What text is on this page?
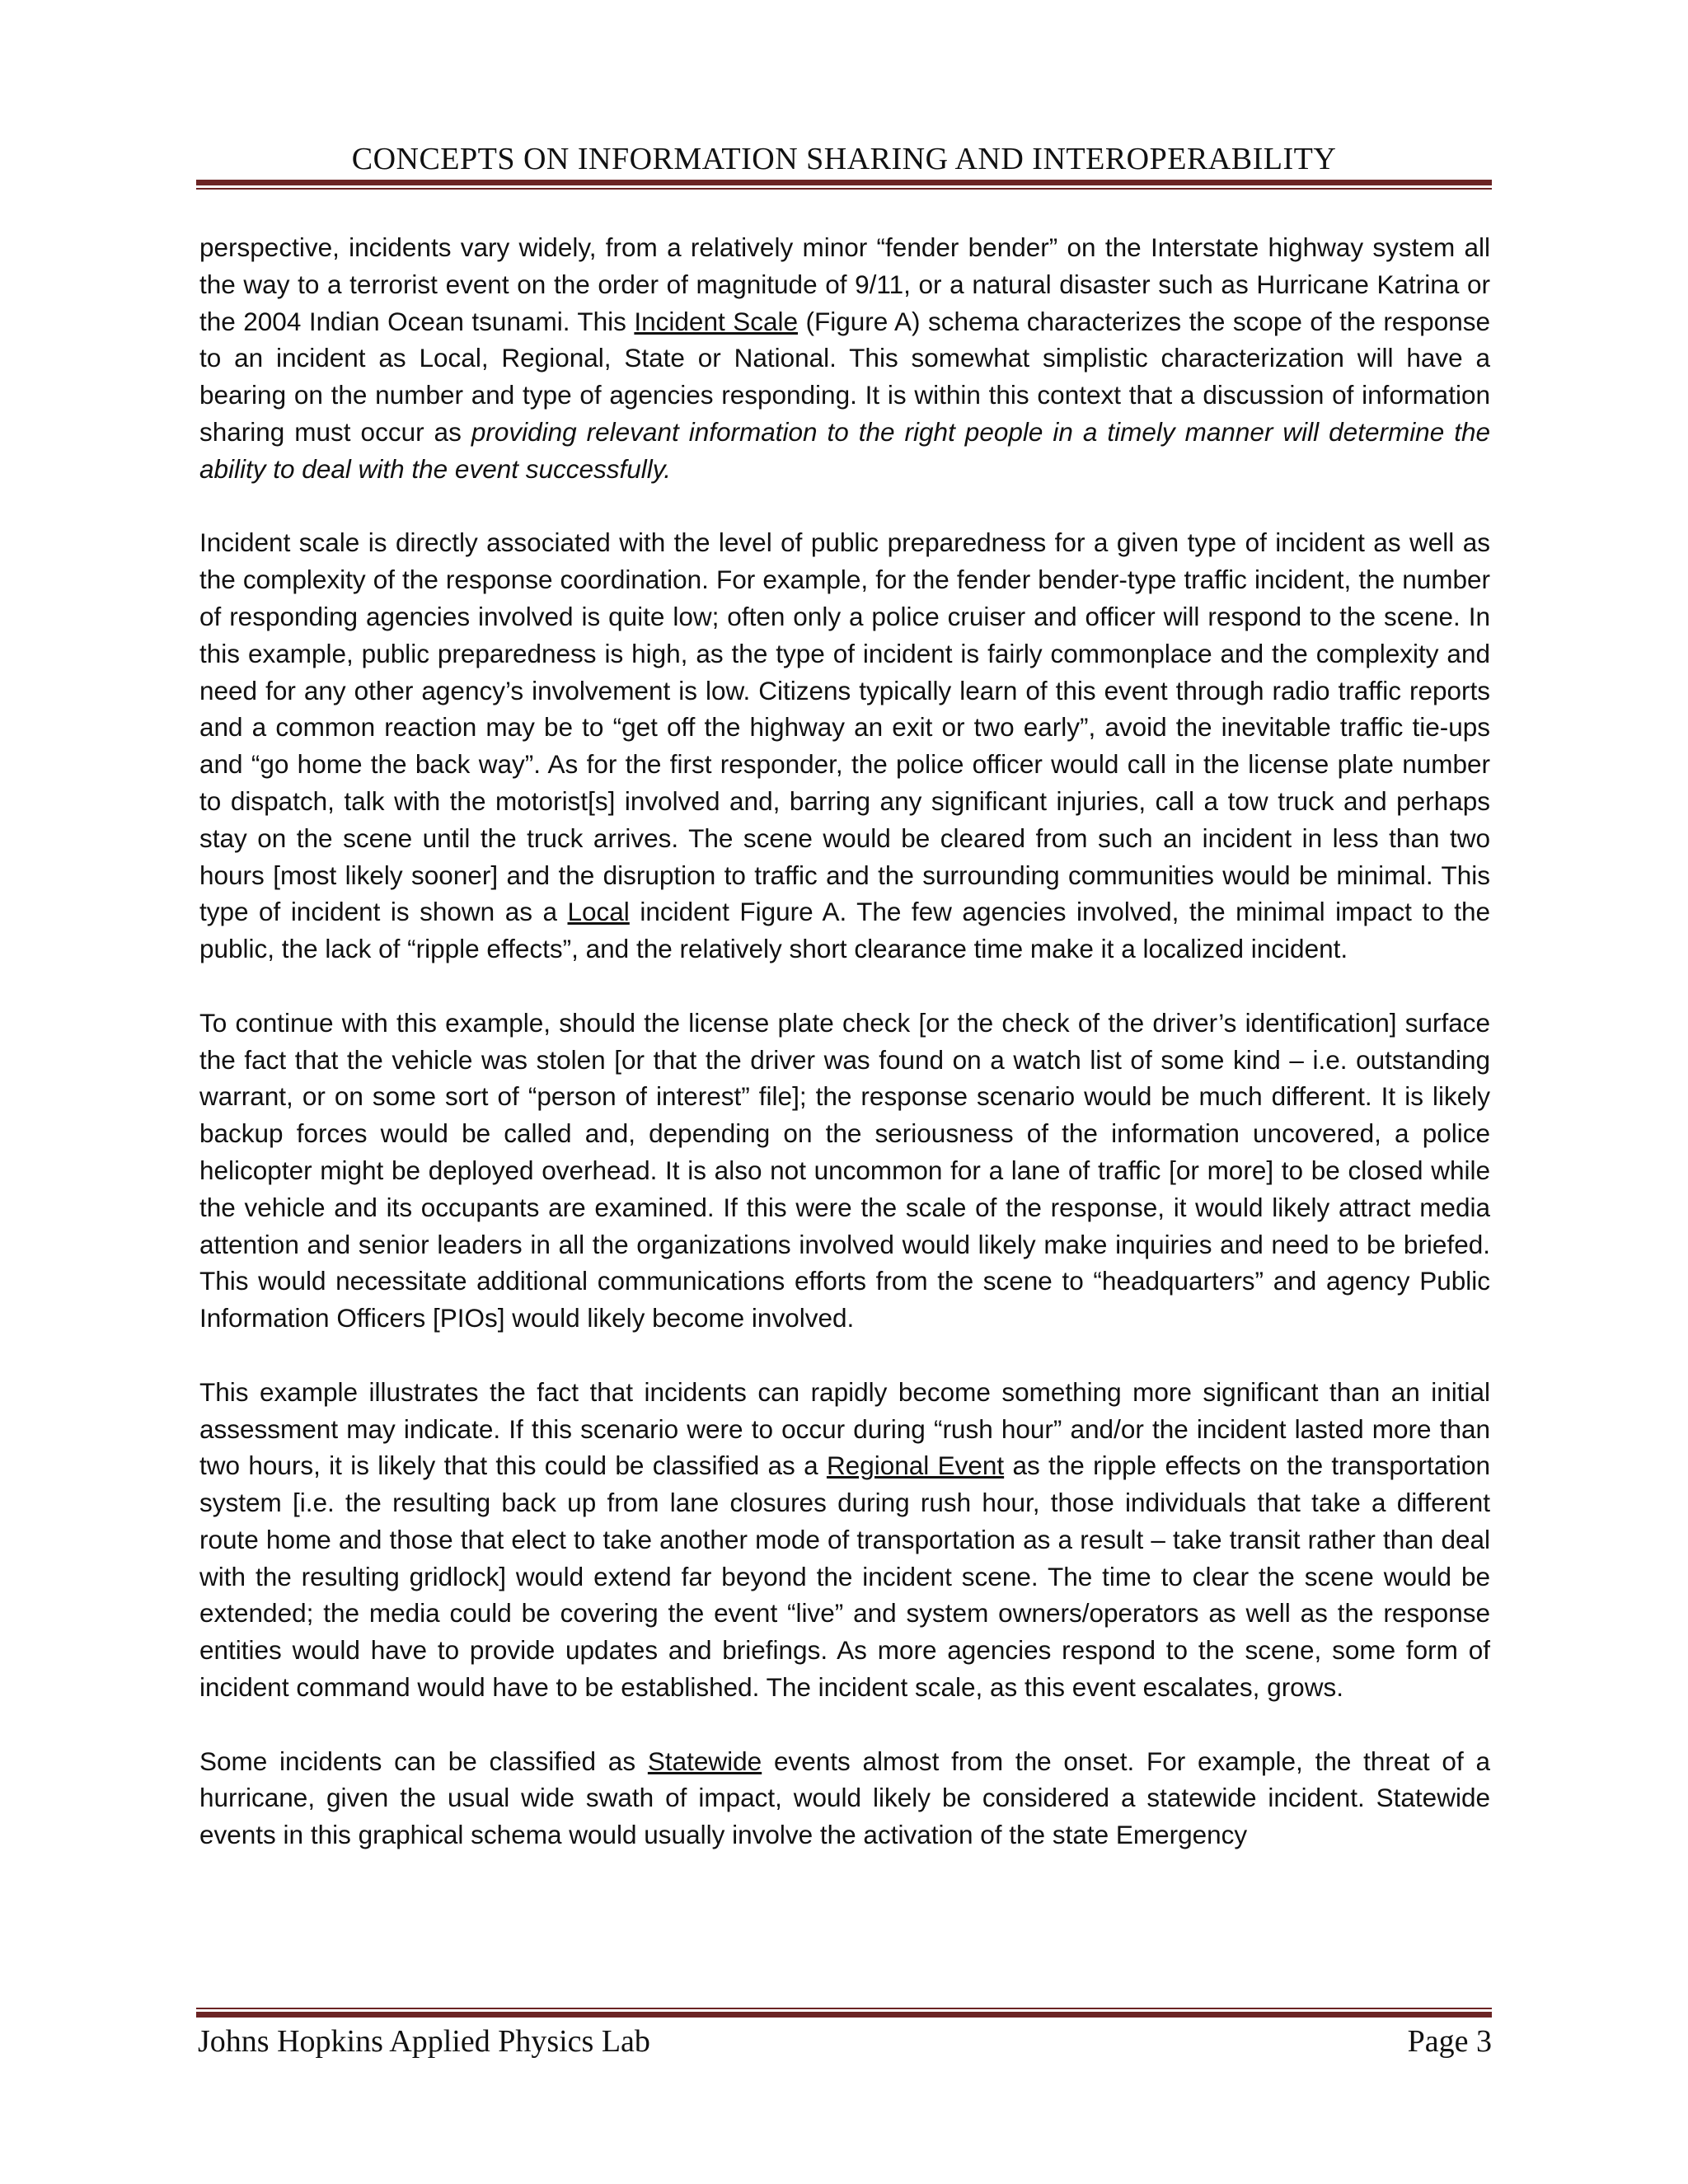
CONCEPTS ON INFORMATION SHARING AND INTEROPERABILITY

perspective, incidents vary widely, from a relatively minor “fender bender” on the Interstate highway system all the way to a terrorist event on the order of magnitude of 9/11, or a natural disaster such as Hurricane Katrina or the 2004 Indian Ocean tsunami. This Incident Scale (Figure A) schema characterizes the scope of the response to an incident as Local, Regional, State or National. This somewhat simplistic characterization will have a bearing on the number and type of agencies responding. It is within this context that a discussion of information sharing must occur as providing relevant information to the right people in a timely manner will determine the ability to deal with the event successfully.

Incident scale is directly associated with the level of public preparedness for a given type of incident as well as the complexity of the response coordination. For example, for the fender bender-type traffic incident, the number of responding agencies involved is quite low; often only a police cruiser and officer will respond to the scene. In this example, public preparedness is high, as the type of incident is fairly commonplace and the complexity and need for any other agency’s involvement is low. Citizens typically learn of this event through radio traffic reports and a common reaction may be to “get off the highway an exit or two early”, avoid the inevitable traffic tie-ups and “go home the back way”. As for the first responder, the police officer would call in the license plate number to dispatch, talk with the motorist[s] involved and, barring any significant injuries, call a tow truck and perhaps stay on the scene until the truck arrives. The scene would be cleared from such an incident in less than two hours [most likely sooner] and the disruption to traffic and the surrounding communities would be minimal. This type of incident is shown as a Local incident Figure A. The few agencies involved, the minimal impact to the public, the lack of “ripple effects”, and the relatively short clearance time make it a localized incident.

To continue with this example, should the license plate check [or the check of the driver’s identification] surface the fact that the vehicle was stolen [or that the driver was found on a watch list of some kind – i.e. outstanding warrant, or on some sort of “person of interest” file]; the response scenario would be much different. It is likely backup forces would be called and, depending on the seriousness of the information uncovered, a police helicopter might be deployed overhead. It is also not uncommon for a lane of traffic [or more] to be closed while the vehicle and its occupants are examined. If this were the scale of the response, it would likely attract media attention and senior leaders in all the organizations involved would likely make inquiries and need to be briefed. This would necessitate additional communications efforts from the scene to “headquarters” and agency Public Information Officers [PIOs] would likely become involved.

This example illustrates the fact that incidents can rapidly become something more significant than an initial assessment may indicate. If this scenario were to occur during “rush hour” and/or the incident lasted more than two hours, it is likely that this could be classified as a Regional Event as the ripple effects on the transportation system [i.e. the resulting back up from lane closures during rush hour, those individuals that take a different route home and those that elect to take another mode of transportation as a result – take transit rather than deal with the resulting gridlock] would extend far beyond the incident scene. The time to clear the scene would be extended; the media could be covering the event “live” and system owners/operators as well as the response entities would have to provide updates and briefings. As more agencies respond to the scene, some form of incident command would have to be established. The incident scale, as this event escalates, grows.

Some incidents can be classified as Statewide events almost from the onset. For example, the threat of a hurricane, given the usual wide swath of impact, would likely be considered a statewide incident. Statewide events in this graphical schema would usually involve the activation of the state Emergency

Johns Hopkins Applied Physics Lab	Page 3
